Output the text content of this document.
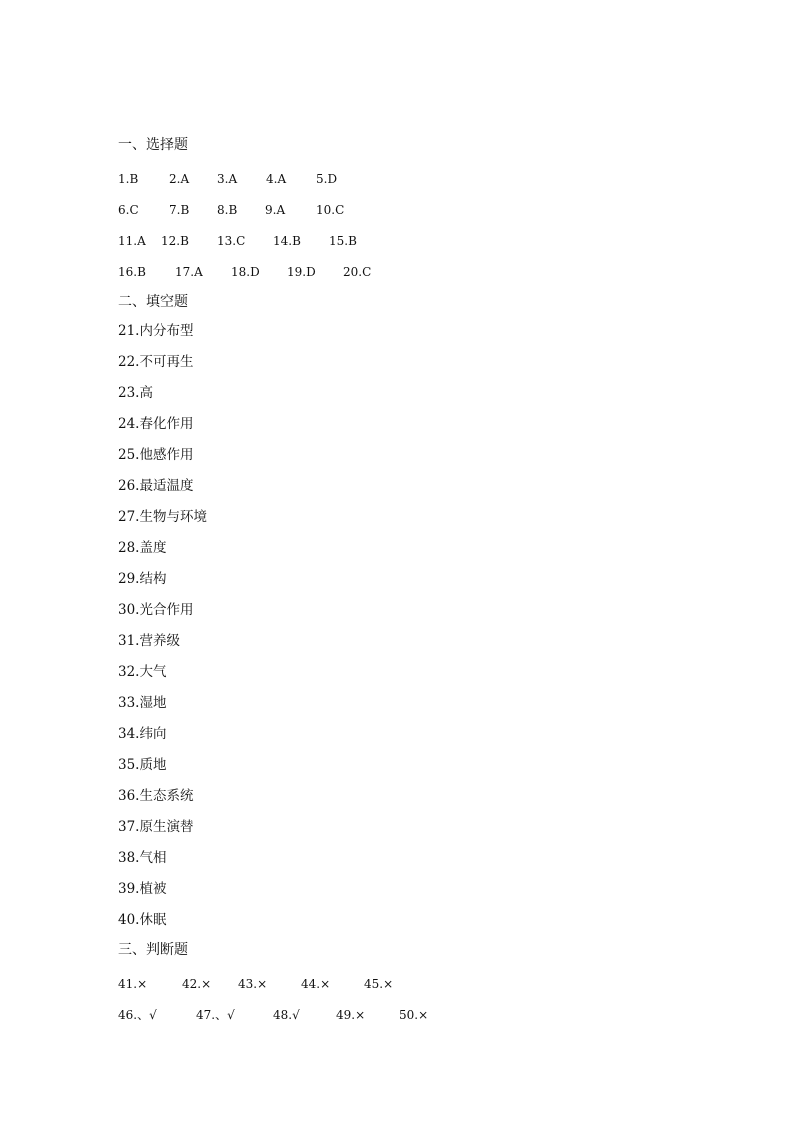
一、选择题
1.B	2.A 3.A 4.A 5.D
6.C	7.B 8.B 9.A	10.C
11.A 12.B 13.C 14.B 15.B
16.B 17.A 18.D 19.D 20.C
二、填空题
21.内分布型
22.不可再生
23.高
24.春化作用
25.他感作用
26.最适温度
27.生物与环境
28.盖度
29.结构
30.光合作用
31.营养级
32.大气
33.湿地
34.纬向
35.质地
36.生态系统
37.原生演替
38.气相
39.植被
40.休眠
三、判断题
41.×	42.× 43.×	44.×	45.×
46.、√	47.、√	48.√	49.×	50.×
